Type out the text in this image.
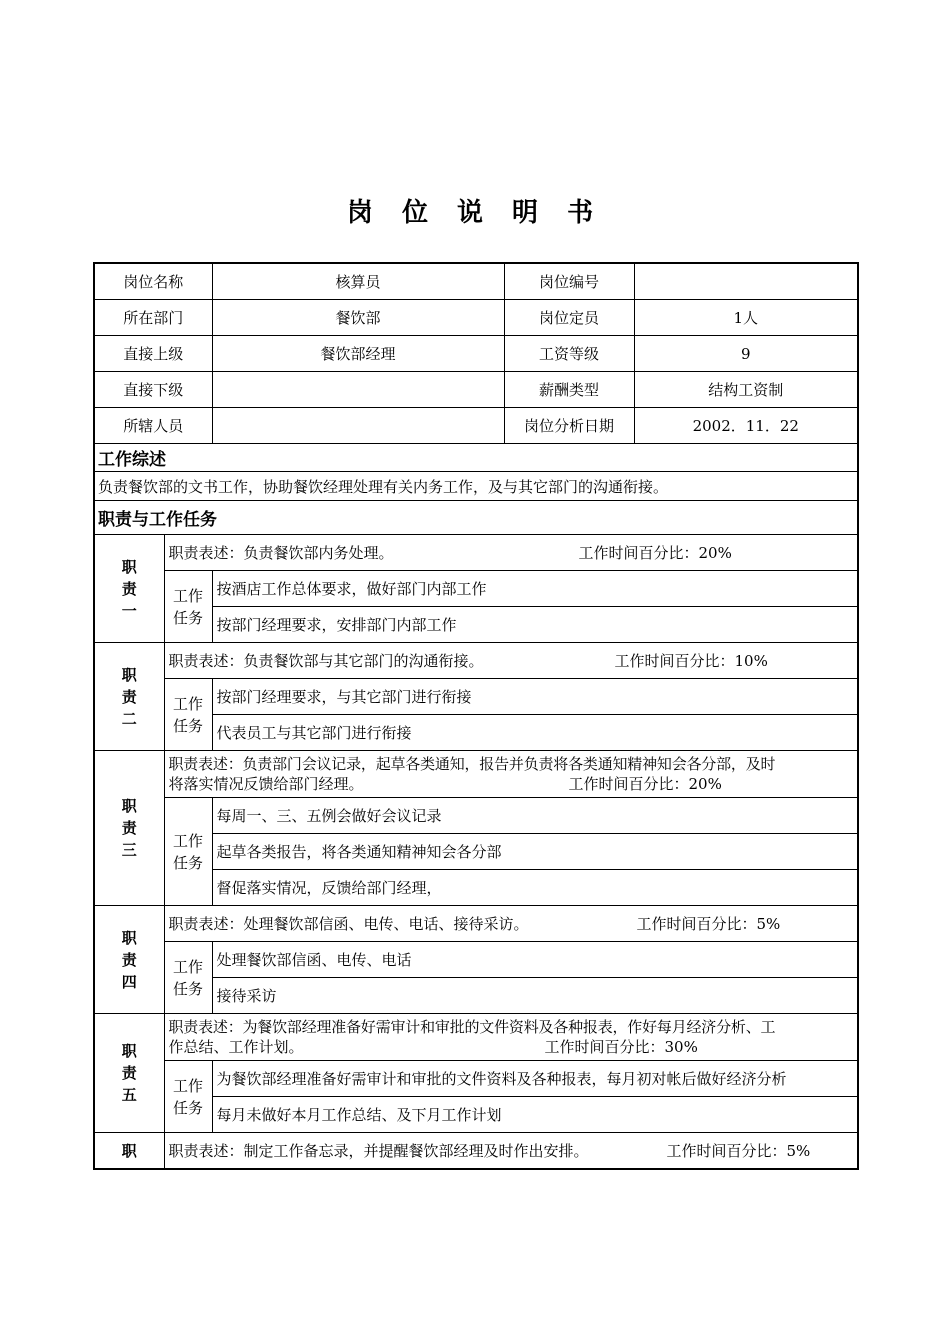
岗 位 说 明 书
岗位名称		核算员	岗位编号	
所在部门		餐饮部	岗位定员	1人
直接上级		餐饮部经理	工资等级	9
直接下级			薪酬类型	结构工资制
所辖人员			岗位分析日期	2002．11．22
工作综述				
负责餐饮部的文书工作，协助餐饮经理处理有关内务工作，及与其它部门的沟通衔接。				
职责与工作任务				
职责一	职责表述：负责餐饮部内务处理。 工作时间百分比：20%			

	工作任务	按酒店工作总体要求，做好部门内部工作		
		按部门经理要求，安排部门内部工作		
职责二	职责表述：负责餐饮部与其它部门的沟通衔接。 工作时间百分比：10%			

	工作任务	按部门经理要求，与其它部门进行衔接		
		代表员工与其它部门进行衔接		
职责三	职责表述：负责部门会议记录，起草各类通知，报告并负责将各类通知精神知会各分部，及时
将落实情况反馈给部门经理。 工作时间百分比：20%			

	工作任务	每周一、三、五例会做好会议记录		
		起草各类报告，将各类通知精神知会各分部		
		督促落实情况，反馈给部门经理，		
职责四	职责表述：处理餐饮部信函、电传、电话、接待采访。 工作时间百分比：5%			

	工作任务	处理餐饮部信函、电传、电话		
		接待采访		
职责五	职责表述：为餐饮部经理准备好需审计和审批的文件资料及各种报表，作好每月经济分析、工
作总结、工作计划。 工作时间百分比：30%			

	工作任务	为餐饮部经理准备好需审计和审批的文件资料及各种报表，每月初对帐后做好经济分析		
		每月未做好本月工作总结、及下月工作计划		
职	职责表述：制定工作备忘录，并提醒餐饮部经理及时作出安排。 工作时间百分比：5%			
